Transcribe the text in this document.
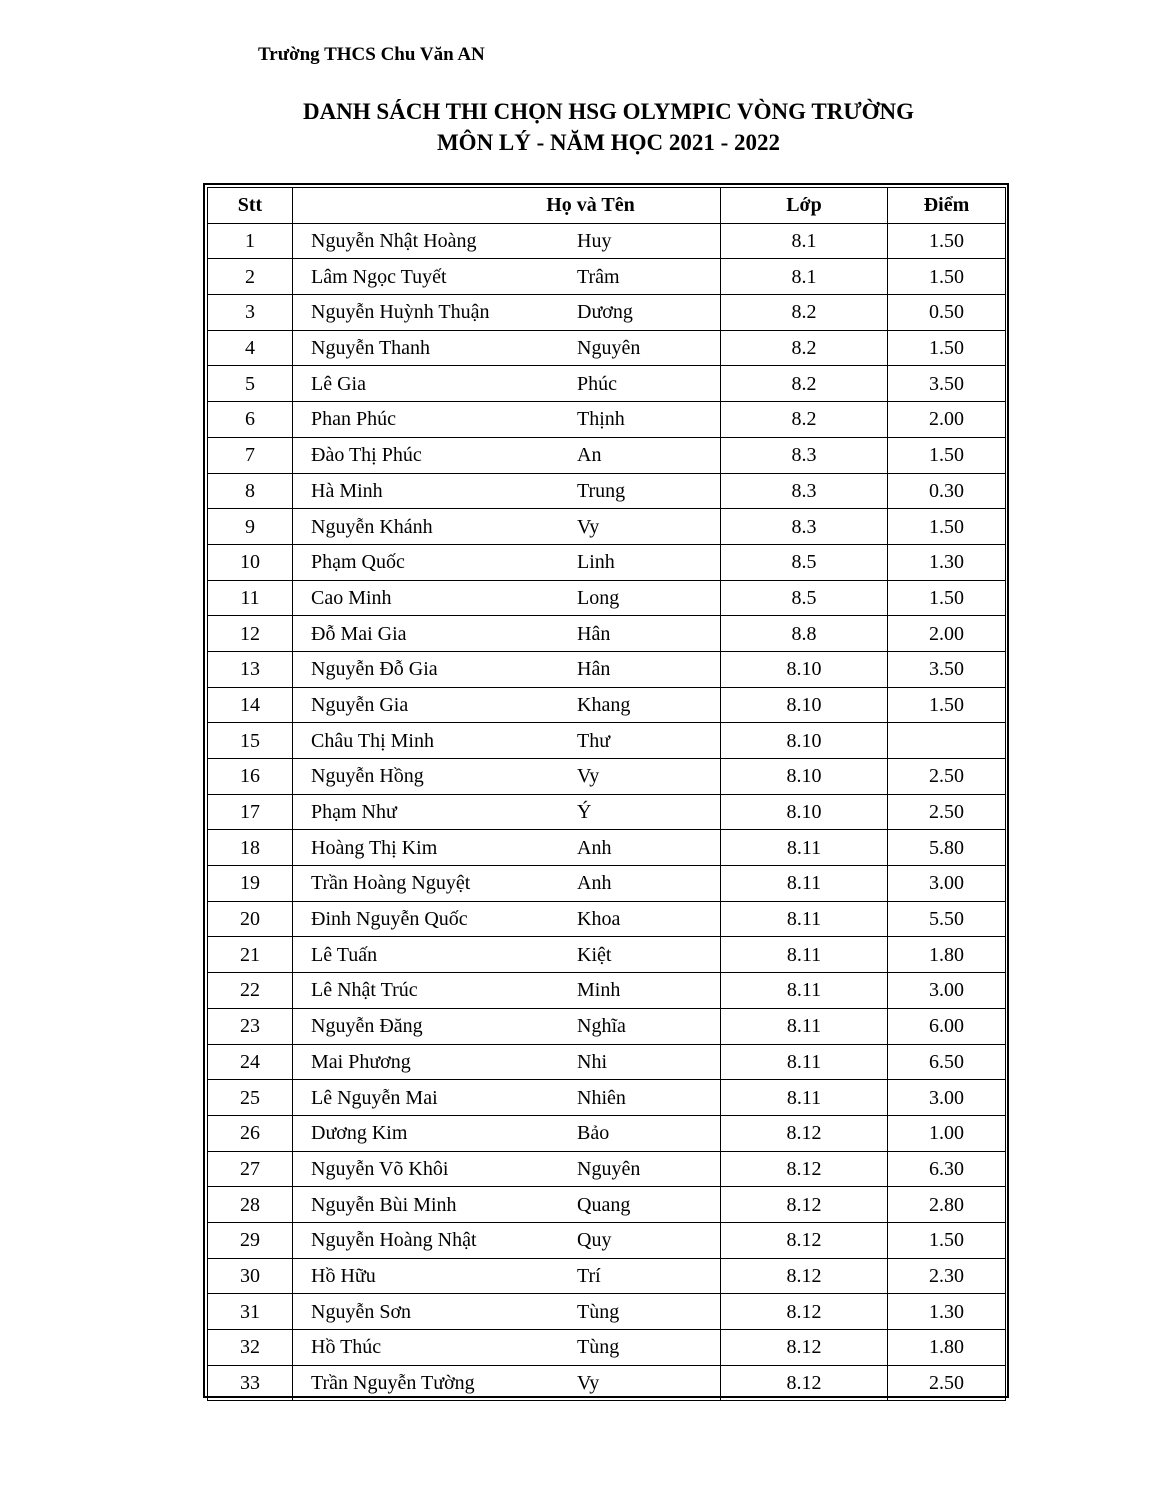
Trường THCS Chu Văn AN
DANH SÁCH THI CHỌN HSG OLYMPIC VÒNG TRƯỜNG
MÔN LÝ - NĂM HỌC 2021 - 2022
Stt	Họ và Tên	Lớp	Điểm
1	Nguyễn Nhật Hoàng Huy	8.1	1.50
2	Lâm Ngọc Tuyết Trâm	8.1	1.50
3	Nguyễn Huỳnh Thuận Dương	8.2	0.50
4	Nguyễn Thanh Nguyên	8.2	1.50
5	Lê Gia Phúc	8.2	3.50
6	Phan Phúc Thịnh	8.2	2.00
7	Đào Thị Phúc An	8.3	1.50
8	Hà Minh Trung	8.3	0.30
9	Nguyễn Khánh Vy	8.3	1.50
10	Phạm Quốc Linh	8.5	1.30
11	Cao Minh Long	8.5	1.50
12	Đỗ Mai Gia Hân	8.8	2.00
13	Nguyễn Đỗ Gia Hân	8.10	3.50
14	Nguyễn Gia Khang	8.10	1.50
15	Châu Thị Minh Thư	8.10	
16	Nguyễn Hồng Vy	8.10	2.50
17	Phạm Như Ý	8.10	2.50
18	Hoàng Thị Kim Anh	8.11	5.80
19	Trần Hoàng Nguyệt Anh	8.11	3.00
20	Đinh Nguyễn Quốc Khoa	8.11	5.50
21	Lê Tuấn Kiệt	8.11	1.80
22	Lê Nhật Trúc Minh	8.11	3.00
23	Nguyễn Đăng Nghĩa	8.11	6.00
24	Mai Phương Nhi	8.11	6.50
25	Lê Nguyễn Mai Nhiên	8.11	3.00
26	Dương Kim Bảo	8.12	1.00
27	Nguyễn Võ Khôi Nguyên	8.12	6.30
28	Nguyễn Bùi Minh Quang	8.12	2.80
29	Nguyễn Hoàng Nhật Quy	8.12	1.50
30	Hồ Hữu Trí	8.12	2.30
31	Nguyễn Sơn Tùng	8.12	1.30
32	Hồ Thúc Tùng	8.12	1.80
33	Trần Nguyễn Tường Vy	8.12	2.50
